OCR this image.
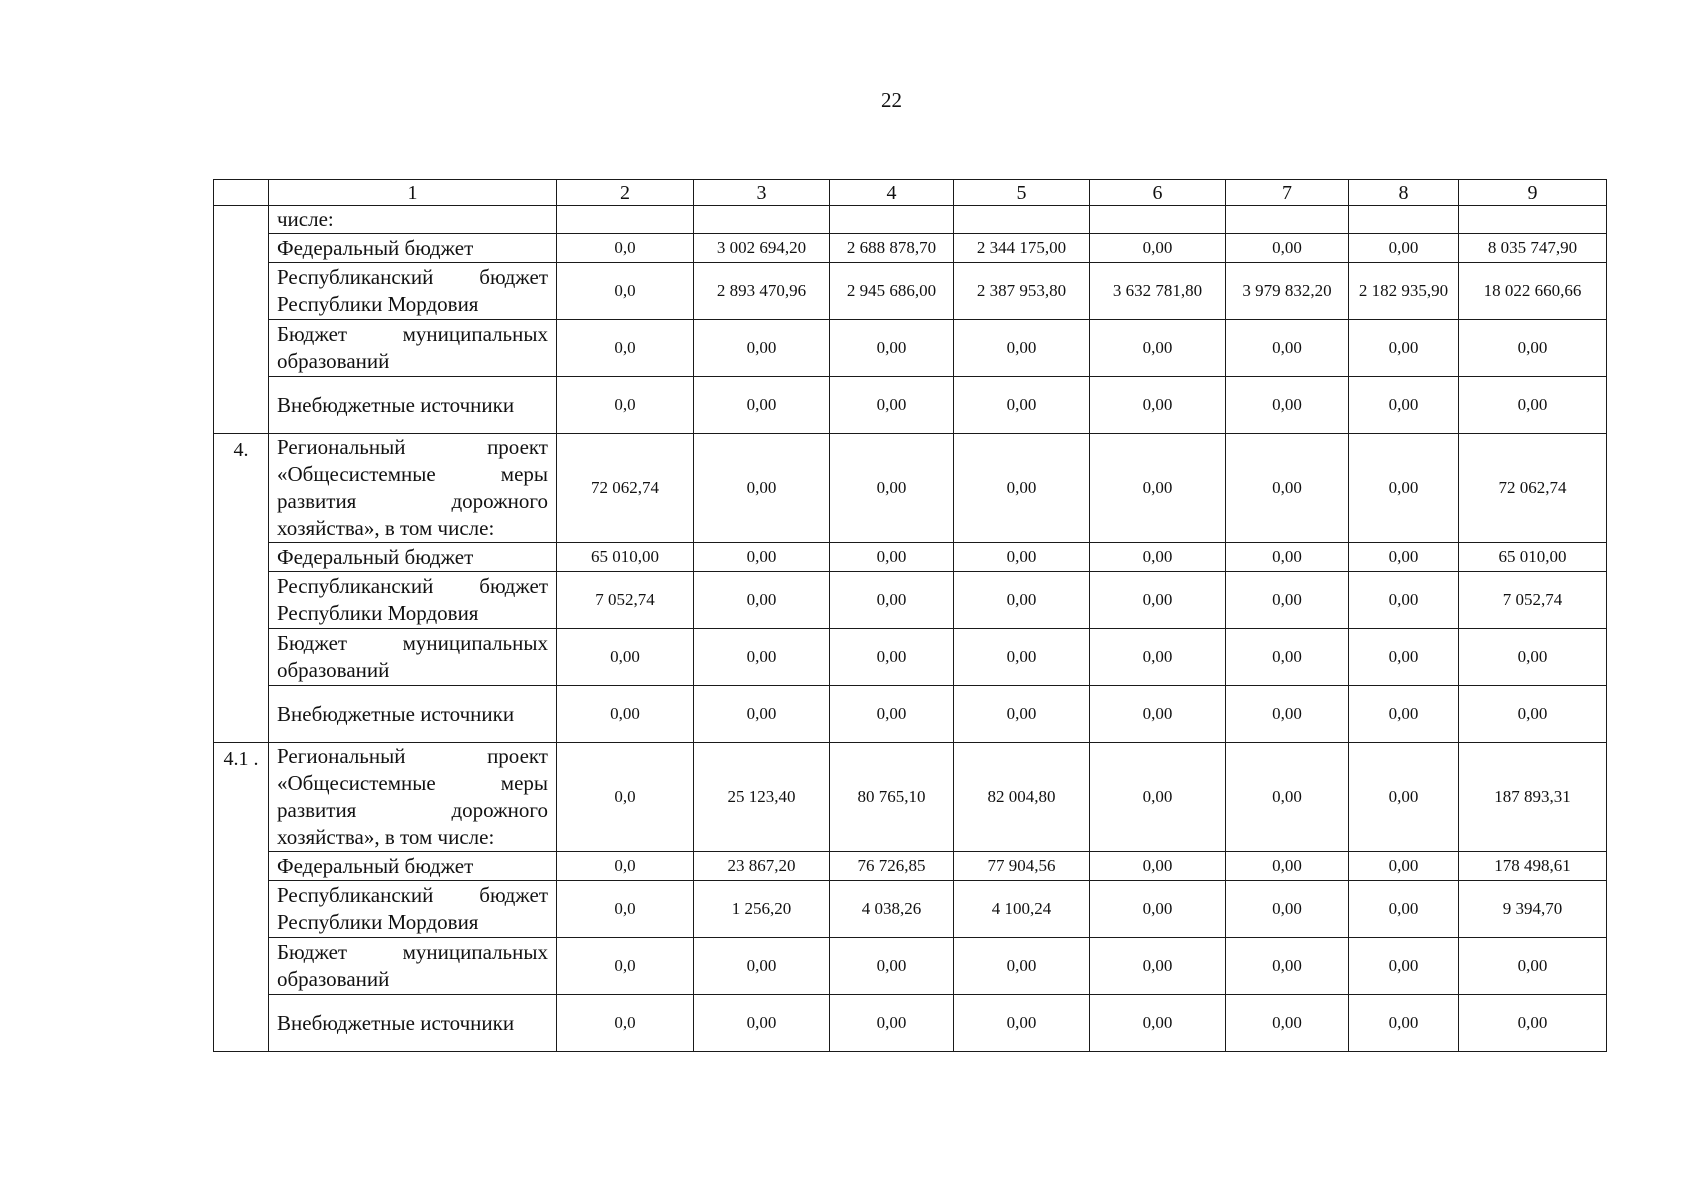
22
	1	2	3	4	5	6	7	8	9
	числе:								
	Федеральный бюджет	0,0	3 002 694,20	2 688 878,70	2 344 175,00	0,00	0,00	0,00	8 035 747,90
	Республиканский бюджет Республики Мордовия	0,0	2 893 470,96	2 945 686,00	2 387 953,80	3 632 781,80	3 979 832,20	2 182 935,90	18 022 660,66
	Бюджет муниципальных образований	0,0	0,00	0,00	0,00	0,00	0,00	0,00	0,00
	Внебюджетные источники	0,0	0,00	0,00	0,00	0,00	0,00	0,00	0,00
4.	Региональный проект «Общесистемные меры развития дорожного хозяйства», в том числе:	72 062,74	0,00	0,00	0,00	0,00	0,00	0,00	72 062,74
	Федеральный бюджет	65 010,00	0,00	0,00	0,00	0,00	0,00	0,00	65 010,00
	Республиканский бюджет Республики Мордовия	7 052,74	0,00	0,00	0,00	0,00	0,00	0,00	7 052,74
	Бюджет муниципальных образований	0,00	0,00	0,00	0,00	0,00	0,00	0,00	0,00
	Внебюджетные источники	0,00	0,00	0,00	0,00	0,00	0,00	0,00	0,00
4.1 .	Региональный проект «Общесистемные меры развития дорожного хозяйства», в том числе:	0,0	25 123,40	80 765,10	82 004,80	0,00	0,00	0,00	187 893,31
	Федеральный бюджет	0,0	23 867,20	76 726,85	77 904,56	0,00	0,00	0,00	178 498,61
	Республиканский бюджет Республики Мордовия	0,0	1 256,20	4 038,26	4 100,24	0,00	0,00	0,00	9 394,70
	Бюджет муниципальных образований	0,0	0,00	0,00	0,00	0,00	0,00	0,00	0,00
	Внебюджетные источники	0,0	0,00	0,00	0,00	0,00	0,00	0,00	0,00
